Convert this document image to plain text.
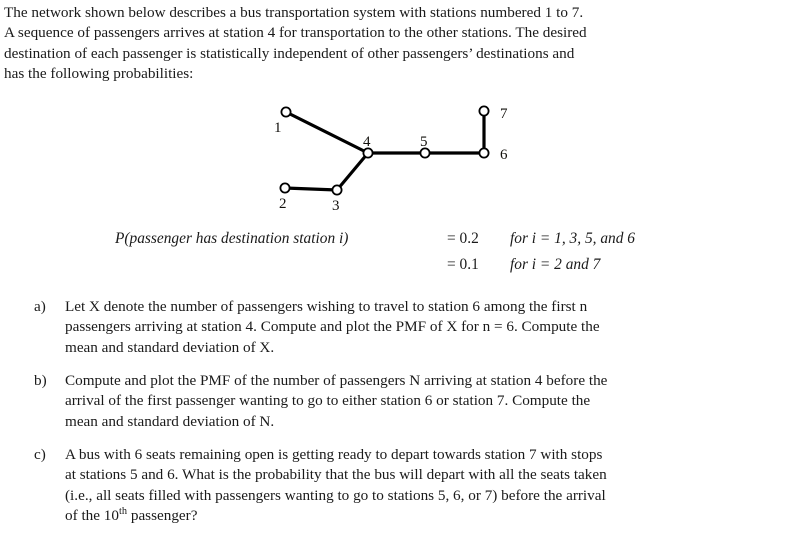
The network shown below describes a bus transportation system with stations numbered 1 to 7.
A sequence of passengers arrives at station 4 for transportation to the other stations. The desired
destination of each passenger is statistically independent of other passengers’ destinations and
has the following probabilities:
1
2	3
4	5
6
7
P(passenger has destination station i)	= 0.2 for i = 1, 3, 5, and 6
= 0.1 for i = 2 and 7
a) Let X denote the number of passengers wishing to travel to station 6 among the first n
passengers arriving at station 4. Compute and plot the PMF of X for n = 6. Compute the
mean and standard deviation of X.
b) Compute and plot the PMF of the number of passengers N arriving at station 4 before the
arrival of the first passenger wanting to go to either station 6 or station 7. Compute the
mean and standard deviation of N.
c) A bus with 6 seats remaining open is getting ready to depart towards station 7 with stops
at stations 5 and 6. What is the probability that the bus will depart with all the seats taken
(i.e., all seats filled with passengers wanting to go to stations 5, 6, or 7) before the arrival
of the 10th passenger?
